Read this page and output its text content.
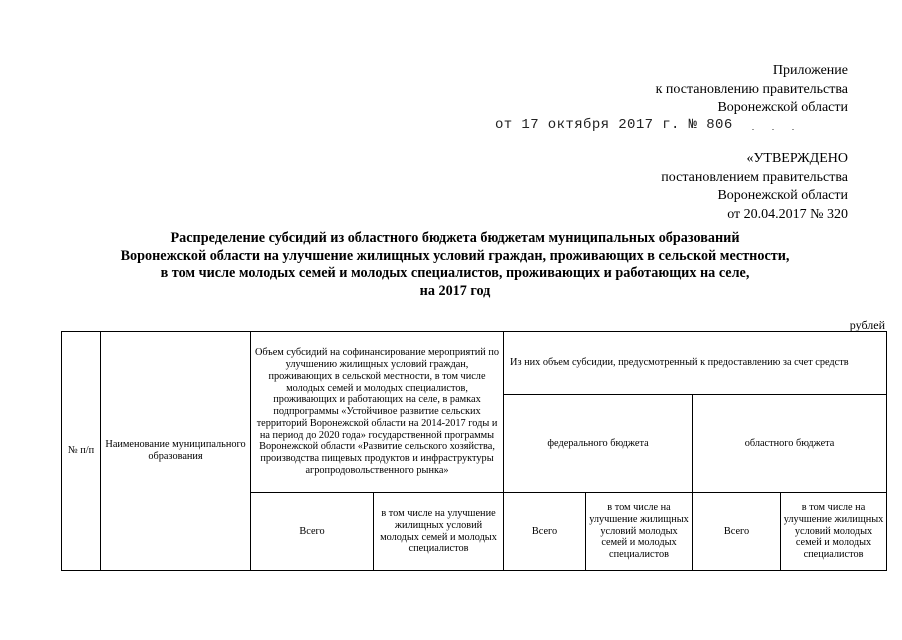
Приложение
к постановлению правительства
Воронежской области
от 17 октября 2017 г. № 806
«УТВЕРЖДЕНО
постановлением правительства
Воронежской области
от 20.04.2017 № 320
Распределение субсидий из областного бюджета бюджетам муниципальных образований
Воронежской области на улучшение жилищных условий граждан, проживающих в сельской местности,
в том числе молодых семей и молодых специалистов, проживающих и работающих на селе,
на 2017 год
рублей
№ п/п	Наименование муниципального образования	Объем субсидий на софинансирование мероприятий по улучшению жилищных условий граждан, проживающих в сельской местности, в том числе молодых семей и молодых специалистов, проживающих и работающих на селе, в рамках подпрограммы «Устойчивое развитие сельских территорий Воронежской области на 2014-2017 годы и на период до 2020 года» государственной программы Воронежской области «Развитие сельского хозяйства, производства пищевых продуктов и инфраструктуры агропродовольственного рынка»		Из них объем субсидии, предусмотренный к предоставлению за счет средств			
				федерального бюджета		областного бюджета	
		Всего	в том числе на улучшение жилищных условий молодых семей и молодых специалистов	Всего	в том числе на улучшение жилищных условий молодых семей и молодых специалистов	Всего	в том числе на улучшение жилищных условий молодых семей и молодых специалистов
